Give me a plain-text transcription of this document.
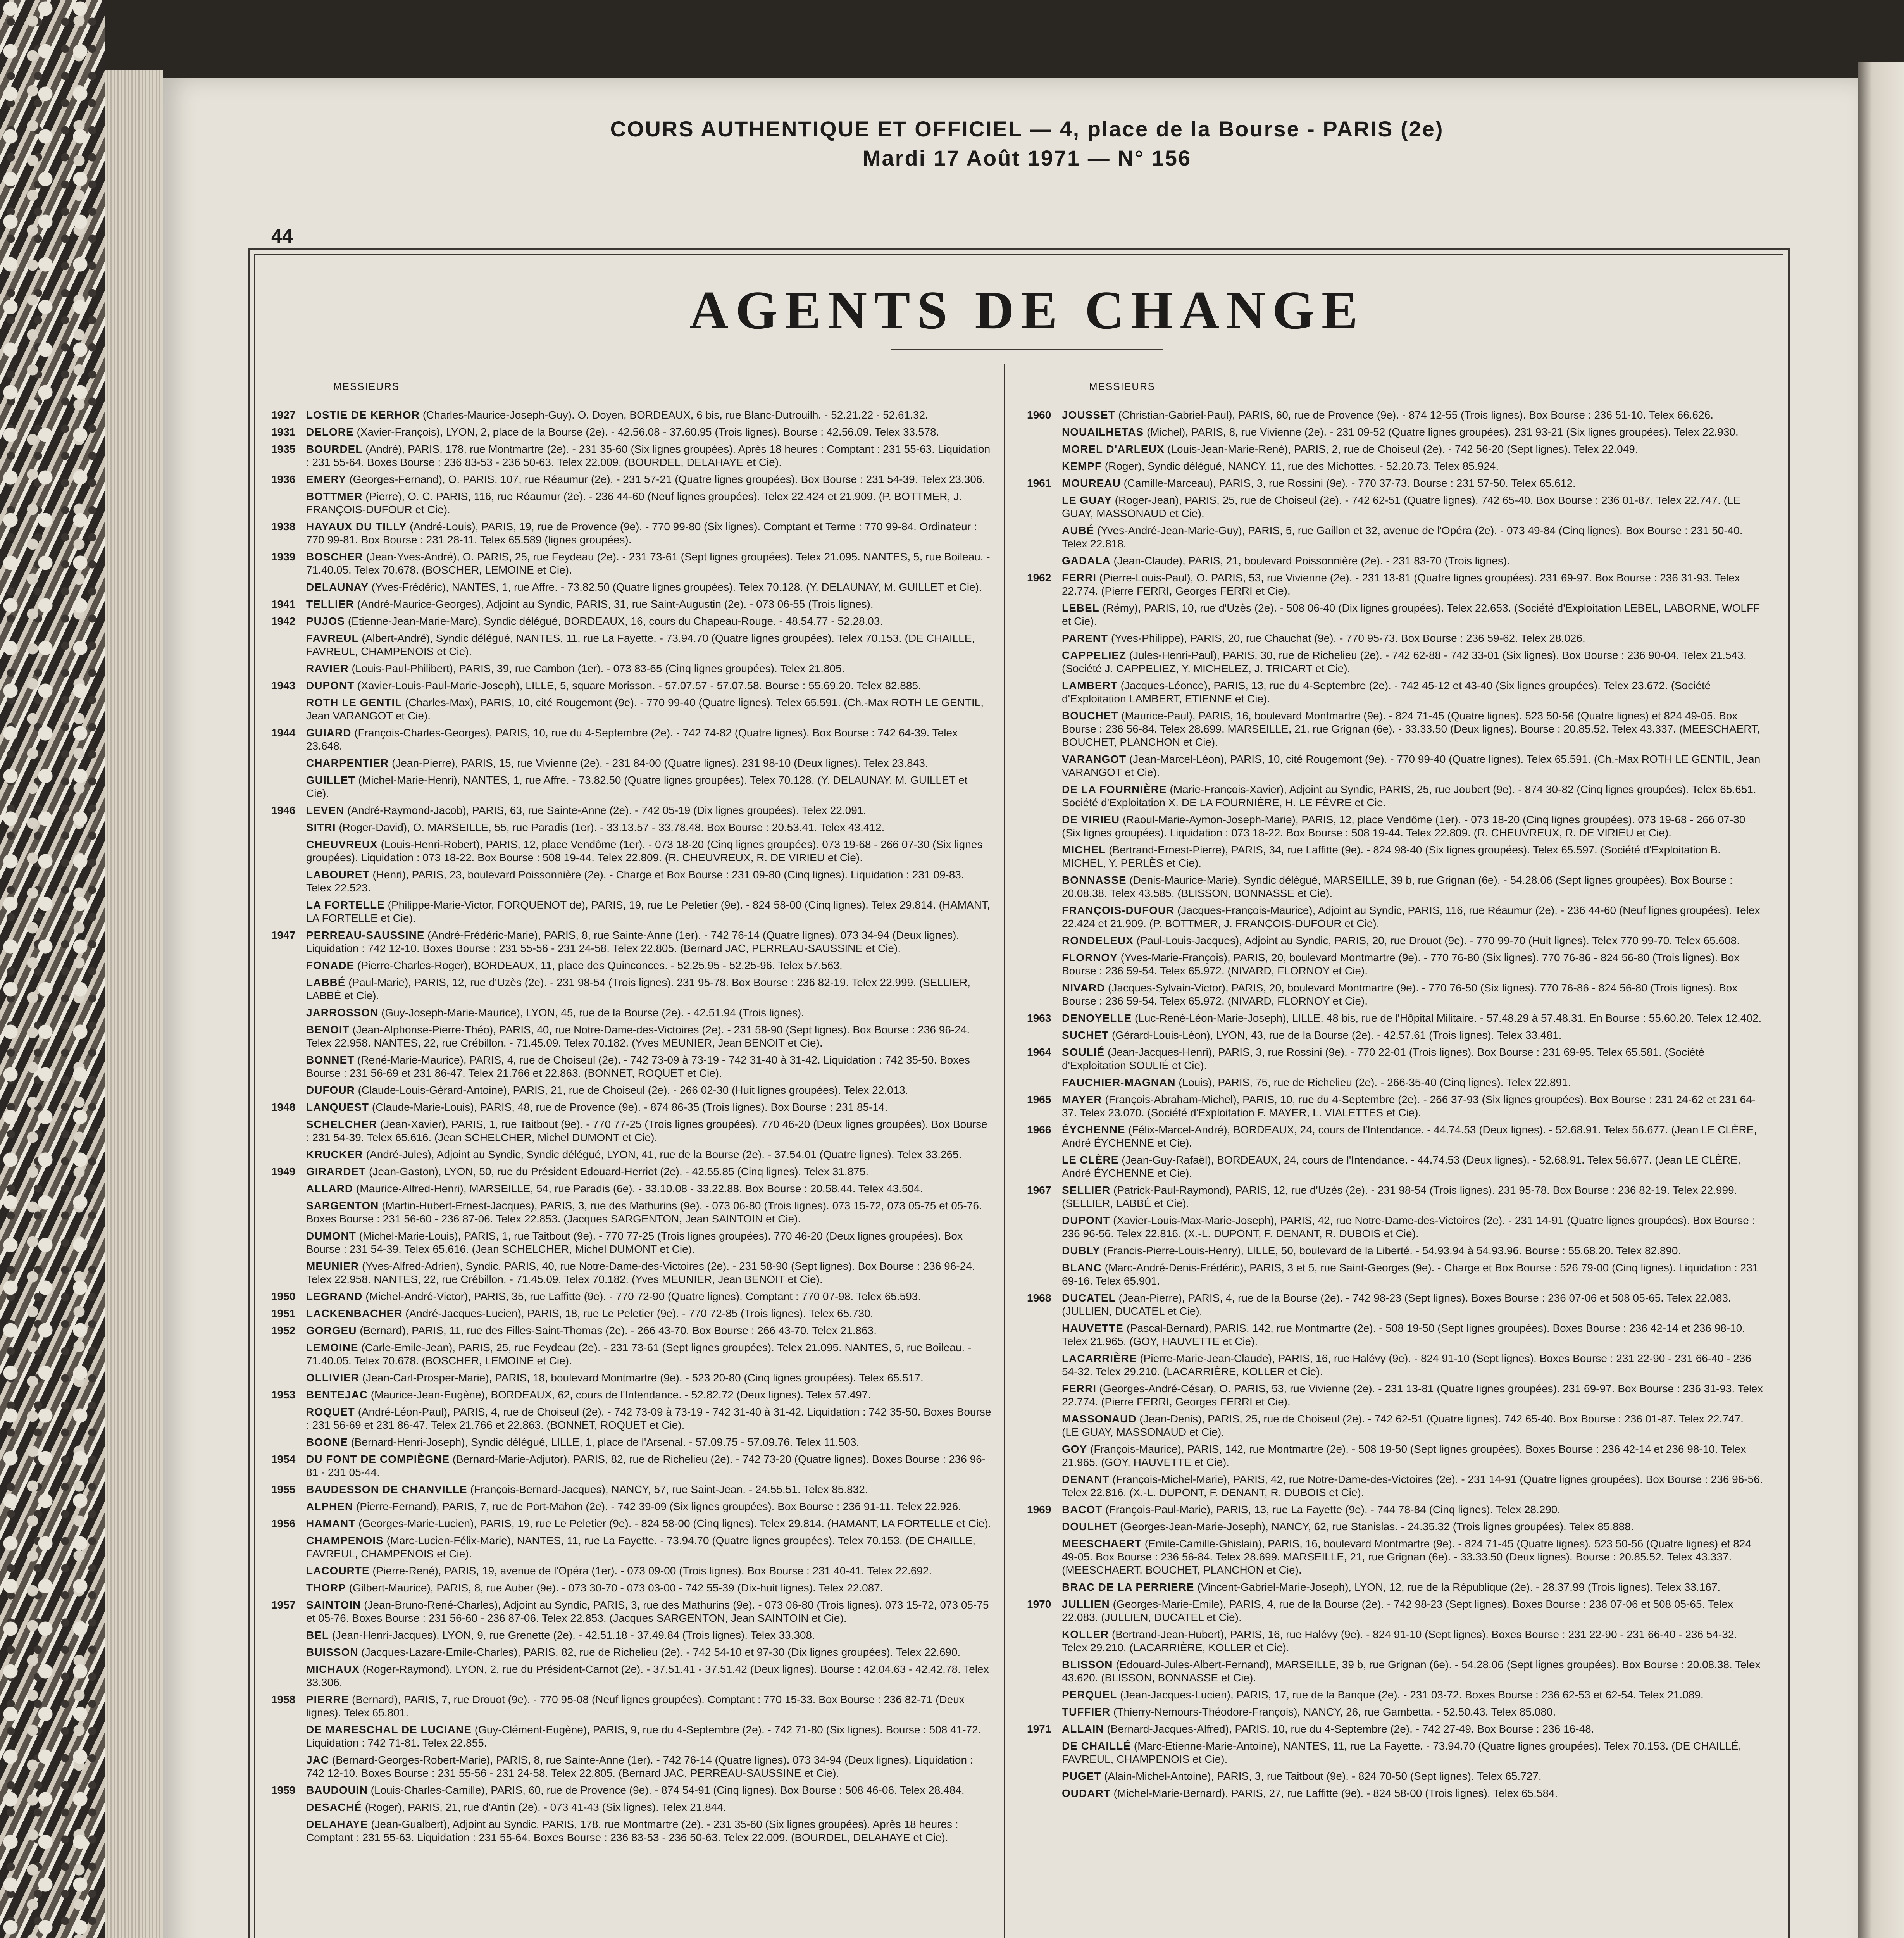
COURS AUTHENTIQUE ET OFFICIEL — 4, place de la Bourse - PARIS (2e)
Mardi 17 Août 1971 — N° 156
44
AGENTS DE CHANGE
MESSIEURS
1927 LOSTIE DE KERHOR (Charles-Maurice-Joseph-Guy). O. Doyen, BORDEAUX, 6 bis, rue Blanc-Dutrouilh. - 52.21.22 - 52.61.32.
1931 DELORE (Xavier-François), LYON, 2, place de la Bourse (2e). - 42.56.08 - 37.60.95 (Trois lignes). Bourse : 42.56.09. Telex 33.578.
1935 BOURDEL (André), PARIS, 178, rue Montmartre (2e). - 231 35-60 (Six lignes groupées). Après 18 heures : Comptant : 231 55-63. Liquidation : 231 55-64. Boxes Bourse : 236 83-53 - 236 50-63. Telex 22.009. (BOURDEL, DELAHAYE et Cie).
1936 EMERY (Georges-Fernand), O. PARIS, 107, rue Réaumur (2e). - 231 57-21 (Quatre lignes groupées). Box Bourse : 231 54-39. Telex 23.306.
BOTTMER (Pierre), O. C. PARIS, 116, rue Réaumur (2e). - 236 44-60 (Neuf lignes groupées). Telex 22.424 et 21.909. (P. BOTTMER, J. FRANÇOIS-DUFOUR et Cie).
1938 HAYAUX DU TILLY (André-Louis), PARIS, 19, rue de Provence (9e). - 770 99-80 (Six lignes). Comptant et Terme : 770 99-84. Ordinateur : 770 99-81. Box Bourse : 231 28-11. Telex 65.589 (lignes groupées).
1939 BOSCHER (Jean-Yves-André), O. PARIS, 25, rue Feydeau (2e). - 231 73-61 (Sept lignes groupées). Telex 21.095. NANTES, 5, rue Boileau. - 71.40.05. Telex 70.678. (BOSCHER, LEMOINE et Cie).
DELAUNAY (Yves-Frédéric), NANTES, 1, rue Affre. - 73.82.50 (Quatre lignes groupées). Telex 70.128. (Y. DELAUNAY, M. GUILLET et Cie).
1941 TELLIER (André-Maurice-Georges), Adjoint au Syndic, PARIS, 31, rue Saint-Augustin (2e). - 073 06-55 (Trois lignes).
1942 PUJOS (Etienne-Jean-Marie-Marc), Syndic délégué, BORDEAUX, 16, cours du Chapeau-Rouge. - 48.54.77 - 52.28.03.
FAVREUL (Albert-André), Syndic délégué, NANTES, 11, rue La Fayette. - 73.94.70 (Quatre lignes groupées). Telex 70.153. (DE CHAILLE, FAVREUL, CHAMPENOIS et Cie).
RAVIER (Louis-Paul-Philibert), PARIS, 39, rue Cambon (1er). - 073 83-65 (Cinq lignes groupées). Telex 21.805.
1943 DUPONT (Xavier-Louis-Paul-Marie-Joseph), LILLE, 5, square Morisson. - 57.07.57 - 57.07.58. Bourse : 55.69.20. Telex 82.885.
ROTH LE GENTIL (Charles-Max), PARIS, 10, cité Rougemont (9e). - 770 99-40 (Quatre lignes). Telex 65.591. (Ch.-Max ROTH LE GENTIL, Jean VARANGOT et Cie).
1944 GUIARD (François-Charles-Georges), PARIS, 10, rue du 4-Septembre (2e). - 742 74-82 (Quatre lignes). Box Bourse : 742 64-39. Telex 23.648.
CHARPENTIER (Jean-Pierre), PARIS, 15, rue Vivienne (2e). - 231 84-00 (Quatre lignes). 231 98-10 (Deux lignes). Telex 23.843.
GUILLET (Michel-Marie-Henri), NANTES, 1, rue Affre. - 73.82.50 (Quatre lignes groupées). Telex 70.128. (Y. DELAUNAY, M. GUILLET et Cie).
1946 LEVEN (André-Raymond-Jacob), PARIS, 63, rue Sainte-Anne (2e). - 742 05-19 (Dix lignes groupées). Telex 22.091.
SITRI (Roger-David), O. MARSEILLE, 55, rue Paradis (1er). - 33.13.57 - 33.78.48. Box Bourse : 20.53.41. Telex 43.412.
CHEUVREUX (Louis-Henri-Robert), PARIS, 12, place Vendôme (1er). - 073 18-20 (Cinq lignes groupées). 073 19-68 - 266 07-30 (Six lignes groupées). Liquidation : 073 18-22. Box Bourse : 508 19-44. Telex 22.809. (R. CHEUVREUX, R. DE VIRIEU et Cie).
LABOURET (Henri), PARIS, 23, boulevard Poissonnière (2e). - Charge et Box Bourse : 231 09-80 (Cinq lignes). Liquidation : 231 09-83. Telex 22.523.
LA FORTELLE (Philippe-Marie-Victor, FORQUENOT de), PARIS, 19, rue Le Peletier (9e). - 824 58-00 (Cinq lignes). Telex 29.814. (HAMANT, LA FORTELLE et Cie).
1947 PERREAU-SAUSSINE (André-Frédéric-Marie), PARIS, 8, rue Sainte-Anne (1er). - 742 76-14 (Quatre lignes). 073 34-94 (Deux lignes). Liquidation : 742 12-10. Boxes Bourse : 231 55-56 - 231 24-58. Telex 22.805. (Bernard JAC, PERREAU-SAUSSINE et Cie).
FONADE (Pierre-Charles-Roger), BORDEAUX, 11, place des Quinconces. - 52.25.95 - 52.25-96. Telex 57.563.
LABBÉ (Paul-Marie), PARIS, 12, rue d'Uzès (2e). - 231 98-54 (Trois lignes). 231 95-78. Box Bourse : 236 82-19. Telex 22.999. (SELLIER, LABBÉ et Cie).
JARROSSON (Guy-Joseph-Marie-Maurice), LYON, 45, rue de la Bourse (2e). - 42.51.94 (Trois lignes).
BENOIT (Jean-Alphonse-Pierre-Théo), PARIS, 40, rue Notre-Dame-des-Victoires (2e). - 231 58-90 (Sept lignes). Box Bourse : 236 96-24. Telex 22.958. NANTES, 22, rue Crébillon. - 71.45.09. Telex 70.182. (Yves MEUNIER, Jean BENOIT et Cie).
BONNET (René-Marie-Maurice), PARIS, 4, rue de Choiseul (2e). - 742 73-09 à 73-19 - 742 31-40 à 31-42. Liquidation : 742 35-50. Boxes Bourse : 231 56-69 et 231 86-47. Telex 21.766 et 22.863. (BONNET, ROQUET et Cie).
DUFOUR (Claude-Louis-Gérard-Antoine), PARIS, 21, rue de Choiseul (2e). - 266 02-30 (Huit lignes groupées). Telex 22.013.
1948 LANQUEST (Claude-Marie-Louis), PARIS, 48, rue de Provence (9e). - 874 86-35 (Trois lignes). Box Bourse : 231 85-14.
SCHELCHER (Jean-Xavier), PARIS, 1, rue Taitbout (9e). - 770 77-25 (Trois lignes groupées). 770 46-20 (Deux lignes groupées). Box Bourse : 231 54-39. Telex 65.616. (Jean SCHELCHER, Michel DUMONT et Cie).
KRUCKER (André-Jules), Adjoint au Syndic, Syndic délégué, LYON, 41, rue de la Bourse (2e). - 37.54.01 (Quatre lignes). Telex 33.265.
1949 GIRARDET (Jean-Gaston), LYON, 50, rue du Président Edouard-Herriot (2e). - 42.55.85 (Cinq lignes). Telex 31.875.
ALLARD (Maurice-Alfred-Henri), MARSEILLE, 54, rue Paradis (6e). - 33.10.08 - 33.22.88. Box Bourse : 20.58.44. Telex 43.504.
SARGENTON (Martin-Hubert-Ernest-Jacques), PARIS, 3, rue des Mathurins (9e). - 073 06-80 (Trois lignes). 073 15-72, 073 05-75 et 05-76. Boxes Bourse : 231 56-60 - 236 87-06. Telex 22.853. (Jacques SARGENTON, Jean SAINTOIN et Cie).
DUMONT (Michel-Marie-Louis), PARIS, 1, rue Taitbout (9e). - 770 77-25 (Trois lignes groupées). 770 46-20 (Deux lignes groupées). Box Bourse : 231 54-39. Telex 65.616. (Jean SCHELCHER, Michel DUMONT et Cie).
MEUNIER (Yves-Alfred-Adrien), Syndic, PARIS, 40, rue Notre-Dame-des-Victoires (2e). - 231 58-90 (Sept lignes). Box Bourse : 236 96-24. Telex 22.958. NANTES, 22, rue Crébillon. - 71.45.09. Telex 70.182. (Yves MEUNIER, Jean BENOIT et Cie).
1950 LEGRAND (Michel-André-Victor), PARIS, 35, rue Laffitte (9e). - 770 72-90 (Quatre lignes). Comptant : 770 07-98. Telex 65.593.
1951 LACKENBACHER (André-Jacques-Lucien), PARIS, 18, rue Le Peletier (9e). - 770 72-85 (Trois lignes). Telex 65.730.
1952 GORGEU (Bernard), PARIS, 11, rue des Filles-Saint-Thomas (2e). - 266 43-70. Box Bourse : 266 43-70. Telex 21.863.
LEMOINE (Carle-Emile-Jean), PARIS, 25, rue Feydeau (2e). - 231 73-61 (Sept lignes groupées). Telex 21.095. NANTES, 5, rue Boileau. - 71.40.05. Telex 70.678. (BOSCHER, LEMOINE et Cie).
OLLIVIER (Jean-Carl-Prosper-Marie), PARIS, 18, boulevard Montmartre (9e). - 523 20-80 (Cinq lignes groupées). Telex 65.517.
1953 BENTEJAC (Maurice-Jean-Eugène), BORDEAUX, 62, cours de l'Intendance. - 52.82.72 (Deux lignes). Telex 57.497.
ROQUET (André-Léon-Paul), PARIS, 4, rue de Choiseul (2e). - 742 73-09 à 73-19 - 742 31-40 à 31-42. Liquidation : 742 35-50. Boxes Bourse : 231 56-69 et 231 86-47. Telex 21.766 et 22.863. (BONNET, ROQUET et Cie).
BOONE (Bernard-Henri-Joseph), Syndic délégué, LILLE, 1, place de l'Arsenal. - 57.09.75 - 57.09.76. Telex 11.503.
1954 DU FONT DE COMPIÈGNE (Bernard-Marie-Adjutor), PARIS, 82, rue de Richelieu (2e). - 742 73-20 (Quatre lignes). Boxes Bourse : 236 96-81 - 231 05-44.
1955 BAUDESSON DE CHANVILLE (François-Bernard-Jacques), NANCY, 57, rue Saint-Jean. - 24.55.51. Telex 85.832.
ALPHEN (Pierre-Fernand), PARIS, 7, rue de Port-Mahon (2e). - 742 39-09 (Six lignes groupées). Box Bourse : 236 91-11. Telex 22.926.
1956 HAMANT (Georges-Marie-Lucien), PARIS, 19, rue Le Peletier (9e). - 824 58-00 (Cinq lignes). Telex 29.814. (HAMANT, LA FORTELLE et Cie).
CHAMPENOIS (Marc-Lucien-Félix-Marie), NANTES, 11, rue La Fayette. - 73.94.70 (Quatre lignes groupées). Telex 70.153. (DE CHAILLE, FAVREUL, CHAMPENOIS et Cie).
LACOURTE (Pierre-René), PARIS, 19, avenue de l'Opéra (1er). - 073 09-00 (Trois lignes). Box Bourse : 231 40-41. Telex 22.692.
THORP (Gilbert-Maurice), PARIS, 8, rue Auber (9e). - 073 30-70 - 073 03-00 - 742 55-39 (Dix-huit lignes). Telex 22.087.
1957 SAINTOIN (Jean-Bruno-René-Charles), Adjoint au Syndic, PARIS, 3, rue des Mathurins (9e). - 073 06-80 (Trois lignes). 073 15-72, 073 05-75 et 05-76. Boxes Bourse : 231 56-60 - 236 87-06. Telex 22.853. (Jacques SARGENTON, Jean SAINTOIN et Cie).
BEL (Jean-Henri-Jacques), LYON, 9, rue Grenette (2e). - 42.51.18 - 37.49.84 (Trois lignes). Telex 33.308.
BUISSON (Jacques-Lazare-Emile-Charles), PARIS, 82, rue de Richelieu (2e). - 742 54-10 et 97-30 (Dix lignes groupées). Telex 22.690.
MICHAUX (Roger-Raymond), LYON, 2, rue du Président-Carnot (2e). - 37.51.41 - 37.51.42 (Deux lignes). Bourse : 42.04.63 - 42.42.78. Telex 33.306.
1958 PIERRE (Bernard), PARIS, 7, rue Drouot (9e). - 770 95-08 (Neuf lignes groupées). Comptant : 770 15-33. Box Bourse : 236 82-71 (Deux lignes). Telex 65.801.
DE MARESCHAL DE LUCIANE (Guy-Clément-Eugène), PARIS, 9, rue du 4-Septembre (2e). - 742 71-80 (Six lignes). Bourse : 508 41-72. Liquidation : 742 71-81. Telex 22.855.
JAC (Bernard-Georges-Robert-Marie), PARIS, 8, rue Sainte-Anne (1er). - 742 76-14 (Quatre lignes). 073 34-94 (Deux lignes). Liquidation : 742 12-10. Boxes Bourse : 231 55-56 - 231 24-58. Telex 22.805. (Bernard JAC, PERREAU-SAUSSINE et Cie).
1959 BAUDOUIN (Louis-Charles-Camille), PARIS, 60, rue de Provence (9e). - 874 54-91 (Cinq lignes). Box Bourse : 508 46-06. Telex 28.484.
DESACHÉ (Roger), PARIS, 21, rue d'Antin (2e). - 073 41-43 (Six lignes). Telex 21.844.
DELAHAYE (Jean-Gualbert), Adjoint au Syndic, PARIS, 178, rue Montmartre (2e). - 231 35-60 (Six lignes groupées). Après 18 heures : Comptant : 231 55-63. Liquidation : 231 55-64. Boxes Bourse : 236 83-53 - 236 50-63. Telex 22.009. (BOURDEL, DELAHAYE et Cie).
MESSIEURS
1960 JOUSSET (Christian-Gabriel-Paul), PARIS, 60, rue de Provence (9e). - 874 12-55 (Trois lignes). Box Bourse : 236 51-10. Telex 66.626.
NOUAILHETAS (Michel), PARIS, 8, rue Vivienne (2e). - 231 09-52 (Quatre lignes groupées). 231 93-21 (Six lignes groupées). Telex 22.930.
MOREL D'ARLEUX (Louis-Jean-Marie-René), PARIS, 2, rue de Choiseul (2e). - 742 56-20 (Sept lignes). Telex 22.049.
KEMPF (Roger), Syndic délégué, NANCY, 11, rue des Michottes. - 52.20.73. Telex 85.924.
1961 MOUREAU (Camille-Marceau), PARIS, 3, rue Rossini (9e). - 770 37-73. Bourse : 231 57-50. Telex 65.612.
LE GUAY (Roger-Jean), PARIS, 25, rue de Choiseul (2e). - 742 62-51 (Quatre lignes). 742 65-40. Box Bourse : 236 01-87. Telex 22.747. (LE GUAY, MASSONAUD et Cie).
AUBÉ (Yves-André-Jean-Marie-Guy), PARIS, 5, rue Gaillon et 32, avenue de l'Opéra (2e). - 073 49-84 (Cinq lignes). Box Bourse : 231 50-40. Telex 22.818.
GADALA (Jean-Claude), PARIS, 21, boulevard Poissonnière (2e). - 231 83-70 (Trois lignes).
1962 FERRI (Pierre-Louis-Paul), O. PARIS, 53, rue Vivienne (2e). - 231 13-81 (Quatre lignes groupées). 231 69-97. Box Bourse : 236 31-93. Telex 22.774. (Pierre FERRI, Georges FERRI et Cie).
LEBEL (Rémy), PARIS, 10, rue d'Uzès (2e). - 508 06-40 (Dix lignes groupées). Telex 22.653. (Société d'Exploitation LEBEL, LABORNE, WOLFF et Cie).
PARENT (Yves-Philippe), PARIS, 20, rue Chauchat (9e). - 770 95-73. Box Bourse : 236 59-62. Telex 28.026.
CAPPELIEZ (Jules-Henri-Paul), PARIS, 30, rue de Richelieu (2e). - 742 62-88 - 742 33-01 (Six lignes). Box Bourse : 236 90-04. Telex 21.543. (Société J. CAPPELIEZ, Y. MICHELEZ, J. TRICART et Cie).
LAMBERT (Jacques-Léonce), PARIS, 13, rue du 4-Septembre (2e). - 742 45-12 et 43-40 (Six lignes groupées). Telex 23.672. (Société d'Exploitation LAMBERT, ETIENNE et Cie).
BOUCHET (Maurice-Paul), PARIS, 16, boulevard Montmartre (9e). - 824 71-45 (Quatre lignes). 523 50-56 (Quatre lignes) et 824 49-05. Box Bourse : 236 56-84. Telex 28.699. MARSEILLE, 21, rue Grignan (6e). - 33.33.50 (Deux lignes). Bourse : 20.85.52. Telex 43.337. (MEESCHAERT, BOUCHET, PLANCHON et Cie).
VARANGOT (Jean-Marcel-Léon), PARIS, 10, cité Rougemont (9e). - 770 99-40 (Quatre lignes). Telex 65.591. (Ch.-Max ROTH LE GENTIL, Jean VARANGOT et Cie).
DE LA FOURNIÈRE (Marie-François-Xavier), Adjoint au Syndic, PARIS, 25, rue Joubert (9e). - 874 30-82 (Cinq lignes groupées). Telex 65.651. Société d'Exploitation X. DE LA FOURNIÈRE, H. LE FÈVRE et Cie.
DE VIRIEU (Raoul-Marie-Aymon-Joseph-Marie), PARIS, 12, place Vendôme (1er). - 073 18-20 (Cinq lignes groupées). 073 19-68 - 266 07-30 (Six lignes groupées). Liquidation : 073 18-22. Box Bourse : 508 19-44. Telex 22.809. (R. CHEUVREUX, R. DE VIRIEU et Cie).
MICHEL (Bertrand-Ernest-Pierre), PARIS, 34, rue Laffitte (9e). - 824 98-40 (Six lignes groupées). Telex 65.597. (Société d'Exploitation B. MICHEL, Y. PERLÈS et Cie).
BONNASSE (Denis-Maurice-Marie), Syndic délégué, MARSEILLE, 39 b, rue Grignan (6e). - 54.28.06 (Sept lignes groupées). Box Bourse : 20.08.38. Telex 43.585. (BLISSON, BONNASSE et Cie).
FRANÇOIS-DUFOUR (Jacques-François-Maurice), Adjoint au Syndic, PARIS, 116, rue Réaumur (2e). - 236 44-60 (Neuf lignes groupées). Telex 22.424 et 21.909. (P. BOTTMER, J. FRANÇOIS-DUFOUR et Cie).
RONDELEUX (Paul-Louis-Jacques), Adjoint au Syndic, PARIS, 20, rue Drouot (9e). - 770 99-70 (Huit lignes). Telex 770 99-70. Telex 65.608.
FLORNOY (Yves-Marie-François), PARIS, 20, boulevard Montmartre (9e). - 770 76-80 (Six lignes). 770 76-86 - 824 56-80 (Trois lignes). Box Bourse : 236 59-54. Telex 65.972. (NIVARD, FLORNOY et Cie).
NIVARD (Jacques-Sylvain-Victor), PARIS, 20, boulevard Montmartre (9e). - 770 76-50 (Six lignes). 770 76-86 - 824 56-80 (Trois lignes). Box Bourse : 236 59-54. Telex 65.972. (NIVARD, FLORNOY et Cie).
1963 DENOYELLE (Luc-René-Léon-Marie-Joseph), LILLE, 48 bis, rue de l'Hôpital Militaire. - 57.48.29 à 57.48.31. En Bourse : 55.60.20. Telex 12.402.
SUCHET (Gérard-Louis-Léon), LYON, 43, rue de la Bourse (2e). - 42.57.61 (Trois lignes). Telex 33.481.
1964 SOULIÉ (Jean-Jacques-Henri), PARIS, 3, rue Rossini (9e). - 770 22-01 (Trois lignes). Box Bourse : 231 69-95. Telex 65.581. (Société d'Exploitation SOULIÉ et Cie).
FAUCHIER-MAGNAN (Louis), PARIS, 75, rue de Richelieu (2e). - 266-35-40 (Cinq lignes). Telex 22.891.
1965 MAYER (François-Abraham-Michel), PARIS, 10, rue du 4-Septembre (2e). - 266 37-93 (Six lignes groupées). Box Bourse : 231 24-62 et 231 64-37. Telex 23.070. (Société d'Exploitation F. MAYER, L. VIALETTES et Cie).
1966 ÉYCHENNE (Félix-Marcel-André), BORDEAUX, 24, cours de l'Intendance. - 44.74.53 (Deux lignes). - 52.68.91. Telex 56.677. (Jean LE CLÈRE, André ÉYCHENNE et Cie).
LE CLÈRE (Jean-Guy-Rafaël), BORDEAUX, 24, cours de l'Intendance. - 44.74.53 (Deux lignes). - 52.68.91. Telex 56.677. (Jean LE CLÈRE, André ÉYCHENNE et Cie).
1967 SELLIER (Patrick-Paul-Raymond), PARIS, 12, rue d'Uzès (2e). - 231 98-54 (Trois lignes). 231 95-78. Box Bourse : 236 82-19. Telex 22.999. (SELLIER, LABBÉ et Cie).
DUPONT (Xavier-Louis-Max-Marie-Joseph), PARIS, 42, rue Notre-Dame-des-Victoires (2e). - 231 14-91 (Quatre lignes groupées). Box Bourse : 236 96-56. Telex 22.816. (X.-L. DUPONT, F. DENANT, R. DUBOIS et Cie).
DUBLY (Francis-Pierre-Louis-Henry), LILLE, 50, boulevard de la Liberté. - 54.93.94 à 54.93.96. Bourse : 55.68.20. Telex 82.890.
BLANC (Marc-André-Denis-Frédéric), PARIS, 3 et 5, rue Saint-Georges (9e). - Charge et Box Bourse : 526 79-00 (Cinq lignes). Liquidation : 231 69-16. Telex 65.901.
1968 DUCATEL (Jean-Pierre), PARIS, 4, rue de la Bourse (2e). - 742 98-23 (Sept lignes). Boxes Bourse : 236 07-06 et 508 05-65. Telex 22.083. (JULLIEN, DUCATEL et Cie).
HAUVETTE (Pascal-Bernard), PARIS, 142, rue Montmartre (2e). - 508 19-50 (Sept lignes groupées). Boxes Bourse : 236 42-14 et 236 98-10. Telex 21.965. (GOY, HAUVETTE et Cie).
LACARRIÈRE (Pierre-Marie-Jean-Claude), PARIS, 16, rue Halévy (9e). - 824 91-10 (Sept lignes). Boxes Bourse : 231 22-90 - 231 66-40 - 236 54-32. Telex 29.210. (LACARRIÈRE, KOLLER et Cie).
FERRI (Georges-André-César), O. PARIS, 53, rue Vivienne (2e). - 231 13-81 (Quatre lignes groupées). 231 69-97. Box Bourse : 236 31-93. Telex 22.774. (Pierre FERRI, Georges FERRI et Cie).
MASSONAUD (Jean-Denis), PARIS, 25, rue de Choiseul (2e). - 742 62-51 (Quatre lignes). 742 65-40. Box Bourse : 236 01-87. Telex 22.747. (LE GUAY, MASSONAUD et Cie).
GOY (François-Maurice), PARIS, 142, rue Montmartre (2e). - 508 19-50 (Sept lignes groupées). Boxes Bourse : 236 42-14 et 236 98-10. Telex 21.965. (GOY, HAUVETTE et Cie).
DENANT (François-Michel-Marie), PARIS, 42, rue Notre-Dame-des-Victoires (2e). - 231 14-91 (Quatre lignes groupées). Box Bourse : 236 96-56. Telex 22.816. (X.-L. DUPONT, F. DENANT, R. DUBOIS et Cie).
1969 BACOT (François-Paul-Marie), PARIS, 13, rue La Fayette (9e). - 744 78-84 (Cinq lignes). Telex 28.290.
DOULHET (Georges-Jean-Marie-Joseph), NANCY, 62, rue Stanislas. - 24.35.32 (Trois lignes groupées). Telex 85.888.
MEESCHAERT (Emile-Camille-Ghislain), PARIS, 16, boulevard Montmartre (9e). - 824 71-45 (Quatre lignes). 523 50-56 (Quatre lignes) et 824 49-05. Box Bourse : 236 56-84. Telex 28.699. MARSEILLE, 21, rue Grignan (6e). - 33.33.50 (Deux lignes). Bourse : 20.85.52. Telex 43.337. (MEESCHAERT, BOUCHET, PLANCHON et Cie).
BRAC DE LA PERRIERE (Vincent-Gabriel-Marie-Joseph), LYON, 12, rue de la République (2e). - 28.37.99 (Trois lignes). Telex 33.167.
1970 JULLIEN (Georges-Marie-Emile), PARIS, 4, rue de la Bourse (2e). - 742 98-23 (Sept lignes). Boxes Bourse : 236 07-06 et 508 05-65. Telex 22.083. (JULLIEN, DUCATEL et Cie).
KOLLER (Bertrand-Jean-Hubert), PARIS, 16, rue Halévy (9e). - 824 91-10 (Sept lignes). Boxes Bourse : 231 22-90 - 231 66-40 - 236 54-32. Telex 29.210. (LACARRIÈRE, KOLLER et Cie).
BLISSON (Edouard-Jules-Albert-Fernand), MARSEILLE, 39 b, rue Grignan (6e). - 54.28.06 (Sept lignes groupées). Box Bourse : 20.08.38. Telex 43.620. (BLISSON, BONNASSE et Cie).
PERQUEL (Jean-Jacques-Lucien), PARIS, 17, rue de la Banque (2e). - 231 03-72. Boxes Bourse : 236 62-53 et 62-54. Telex 21.089.
TUFFIER (Thierry-Nemours-Théodore-François), NANCY, 26, rue Gambetta. - 52.50.43. Telex 85.080.
1971 ALLAIN (Bernard-Jacques-Alfred), PARIS, 10, rue du 4-Septembre (2e). - 742 27-49. Box Bourse : 236 16-48.
DE CHAILLÉ (Marc-Etienne-Marie-Antoine), NANTES, 11, rue La Fayette. - 73.94.70 (Quatre lignes groupées). Telex 70.153. (DE CHAILLÉ, FAVREUL, CHAMPENOIS et Cie).
PUGET (Alain-Michel-Antoine), PARIS, 3, rue Taitbout (9e). - 824 70-50 (Sept lignes). Telex 65.727.
OUDART (Michel-Marie-Bernard), PARIS, 27, rue Laffitte (9e). - 824 58-00 (Trois lignes). Telex 65.584.
